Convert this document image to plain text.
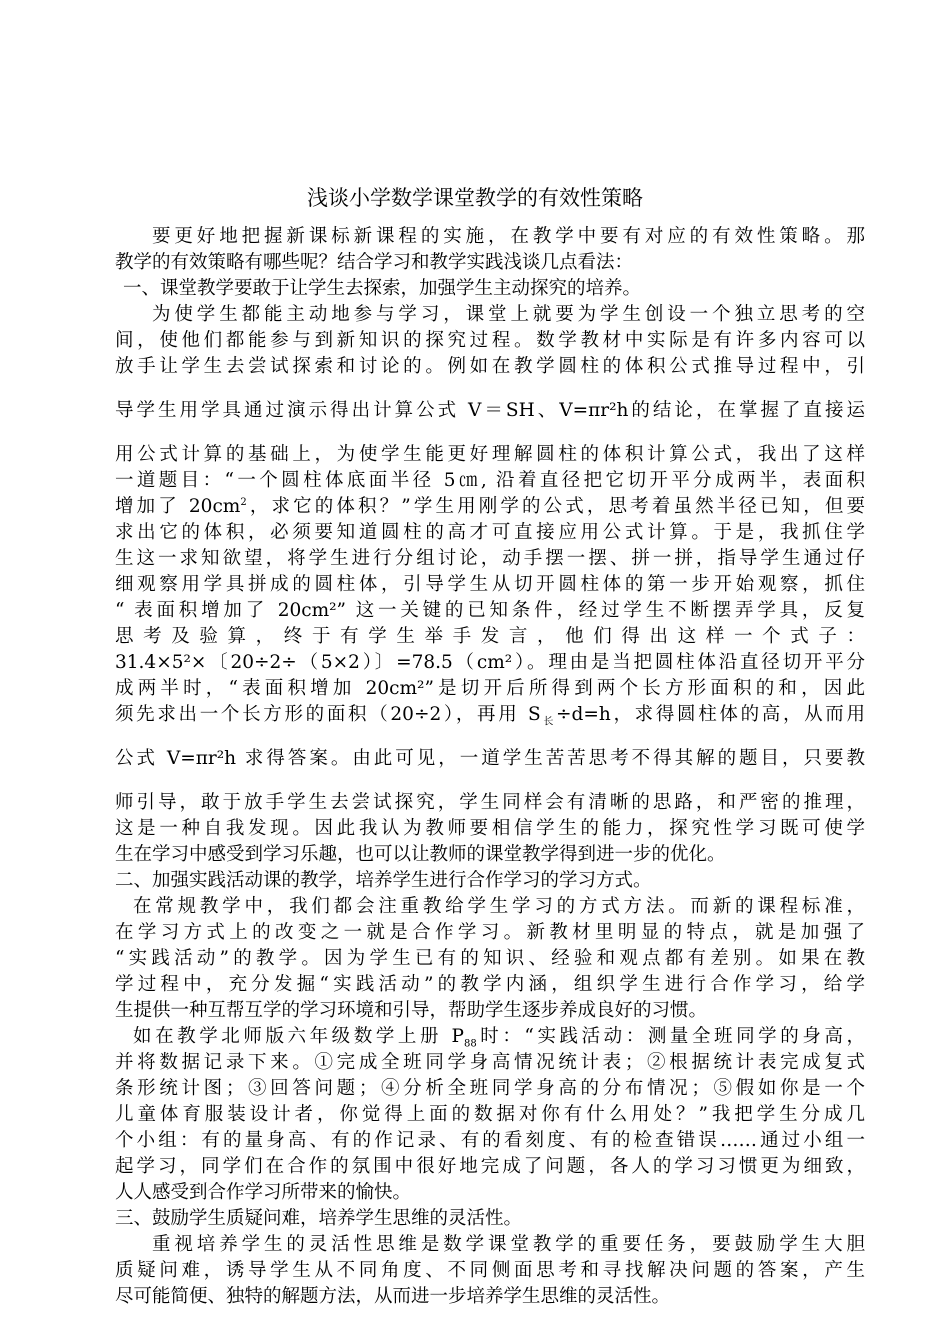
浅谈小学数学课堂教学的有效性策略
要更好地把握新课标新课程的实施，在教学中要有对应的有效性策略。那
教学的有效策略有哪些呢？结合学习和教学实践浅谈几点看法：
一、课堂教学要敢于让学生去探索，加强学生主动探究的培养。
为使学生都能主动地参与学习，课堂上就要为学生创设一个独立思考的空
间，使他们都能参与到新知识的探究过程。数学教材中实际是有许多内容可以
放手让学生去尝试探索和讨论的。例如在教学圆柱的体积公式推导过程中，引
导学生用学具通过演示得出计算公式 V＝SH、V=πr²h的结论，在掌握了直接运
用公式计算的基础上，为使学生能更好理解圆柱的体积计算公式，我出了这样
一道题目：“一个圆柱体底面半径 5㎝, 沿着直径把它切开平分成两半，表面积
增加了 $20cm^2$，求它的体积？”学生用刚学的公式，思考着虽然半径已知，但要
求出它的体积，必须要知道圆柱的高才可直接应用公式计算。于是，我抓住学
生这一求知欲望，将学生进行分组讨论，动手摆一摆、拼一拼，指导学生通过仔
细观察用学具拼成的圆柱体，引导学生从切开圆柱体的第一步开始观察，抓住
“ 表面积增加了 20cm²” 这一关键的已知条件，经过学生不断摆弄学具，反复
思 考 及 验 算 ， 终 于 有 学 生 举 手 发 言 ， 他 们 得 出 这 样 一 个 式 子 ：
31.4×5²×〔20÷2÷（5×2）〕=78.5（cm²）。理由是当把圆柱体沿直径切开平分
成两半时，“表面积增加 20cm²”是切开后所得到两个长方形面积的和，因此
须先求出一个长方形的面积（20÷2），再用 $S_长\div d=h$，求得圆柱体的高，从而用
公式 V=πr²h 求得答案。由此可见，一道学生苦苦思考不得其解的题目，只要教
师引导，敢于放手学生去尝试探究，学生同样会有清晰的思路，和严密的推理，
这是一种自我发现。因此我认为教师要相信学生的能力，探究性学习既可使学
生在学习中感受到学习乐趣，也可以让教师的课堂教学得到进一步的优化。
二、加强实践活动课的教学，培养学生进行合作学习的学习方式。
在常规教学中，我们都会注重教给学生学习的方式方法。而新的课程标准，
在学习方式上的改变之一就是合作学习。新教材里明显的特点，就是加强了
“实践活动”的教学。因为学生已有的知识、经验和观点都有差别。如果在教
学过程中，充分发掘“实践活动”的教学内涵，组织学生进行合作学习，给学
生提供一种互帮互学的学习环境和引导，帮助学生逐步养成良好的习惯。
如在教学北师版六年级数学上册 $P_{88}$时：“实践活动：测量全班同学的身高，
并将数据记录下来。①完成全班同学身高情况统计表；②根据统计表完成复式
条形统计图；③回答问题；④分析全班同学身高的分布情况；⑤假如你是一个
儿童体育服装设计者，你觉得上面的数据对你有什么用处？”我把学生分成几
个小组：有的量身高、有的作记录、有的看刻度、有的检查错误……通过小组一
起学习，同学们在合作的氛围中很好地完成了问题，各人的学习习惯更为细致，
人人感受到合作学习所带来的愉快。
三、鼓励学生质疑问难，培养学生思维的灵活性。
重视培养学生的灵活性思维是数学课堂教学的重要任务，要鼓励学生大胆
质疑问难，诱导学生从不同角度、不同侧面思考和寻找解决问题的答案，产生
尽可能简便、独特的解题方法，从而进一步培养学生思维的灵活性。
